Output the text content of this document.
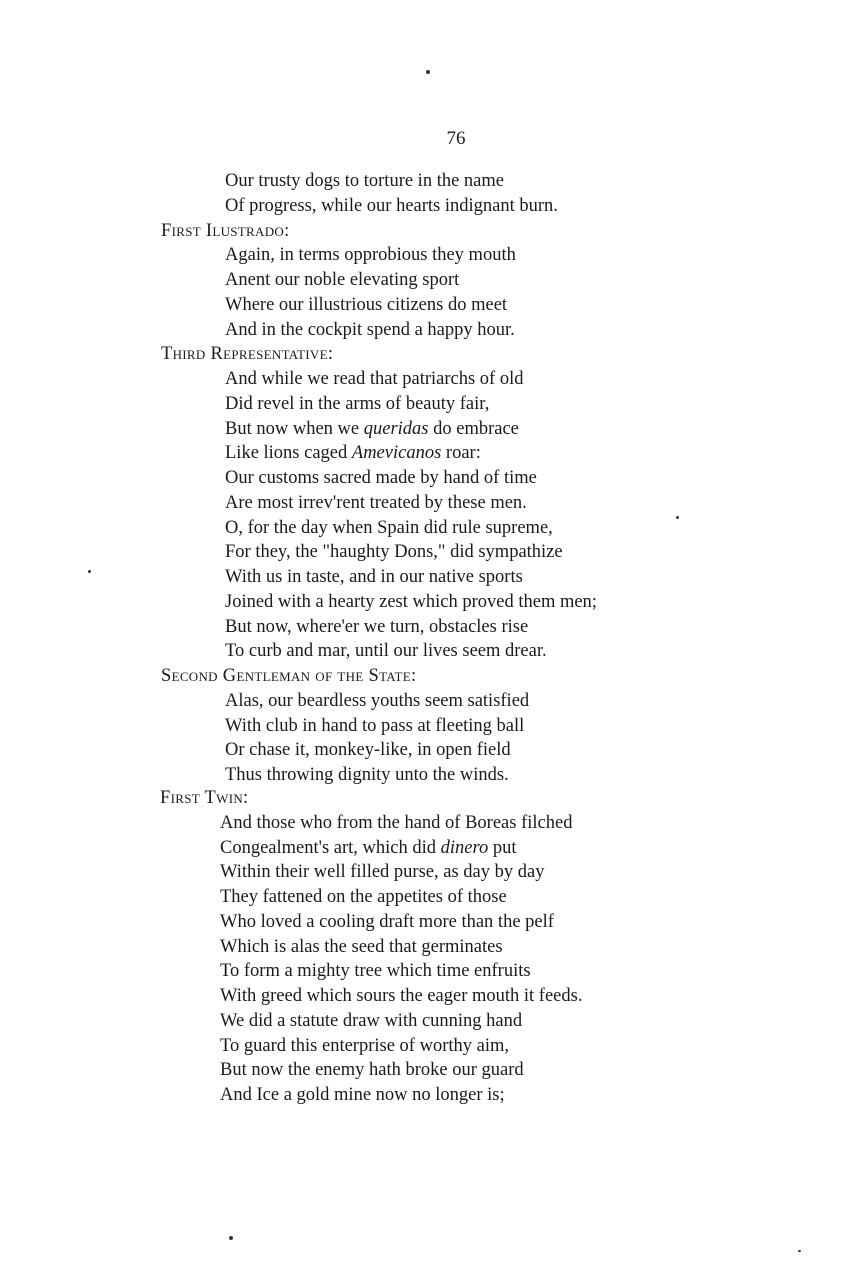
76
Our trusty dogs to torture in the name
Of progress, while our hearts indignant burn.
First Ilustrado:
Again, in terms opprobious they mouth
Anent our noble elevating sport
Where our illustrious citizens do meet
And in the cockpit spend a happy hour.
Third Representative:
And while we read that patriarchs of old
Did revel in the arms of beauty fair,
But now when we queridas do embrace
Like lions caged Amevicanos roar:
Our customs sacred made by hand of time
Are most irrev'rent treated by these men.
O, for the day when Spain did rule supreme,
For they, the "haughty Dons," did sympathize
With us in taste, and in our native sports
Joined with a hearty zest which proved them men;
But now, where'er we turn, obstacles rise
To curb and mar, until our lives seem drear.
Second Gentleman of the State:
Alas, our beardless youths seem satisfied
With club in hand to pass at fleeting ball
Or chase it, monkey-like, in open field
Thus throwing dignity unto the winds.
First Twin:
And those who from the hand of Boreas filched
Congealment's art, which did dinero put
Within their well filled purse, as day by day
They fattened on the appetites of those
Who loved a cooling draft more than the pelf
Which is alas the seed that germinates
To form a mighty tree which time enfruits
With greed which sours the eager mouth it feeds.
We did a statute draw with cunning hand
To guard this enterprise of worthy aim,
But now the enemy hath broke our guard
And Ice a gold mine now no longer is;
